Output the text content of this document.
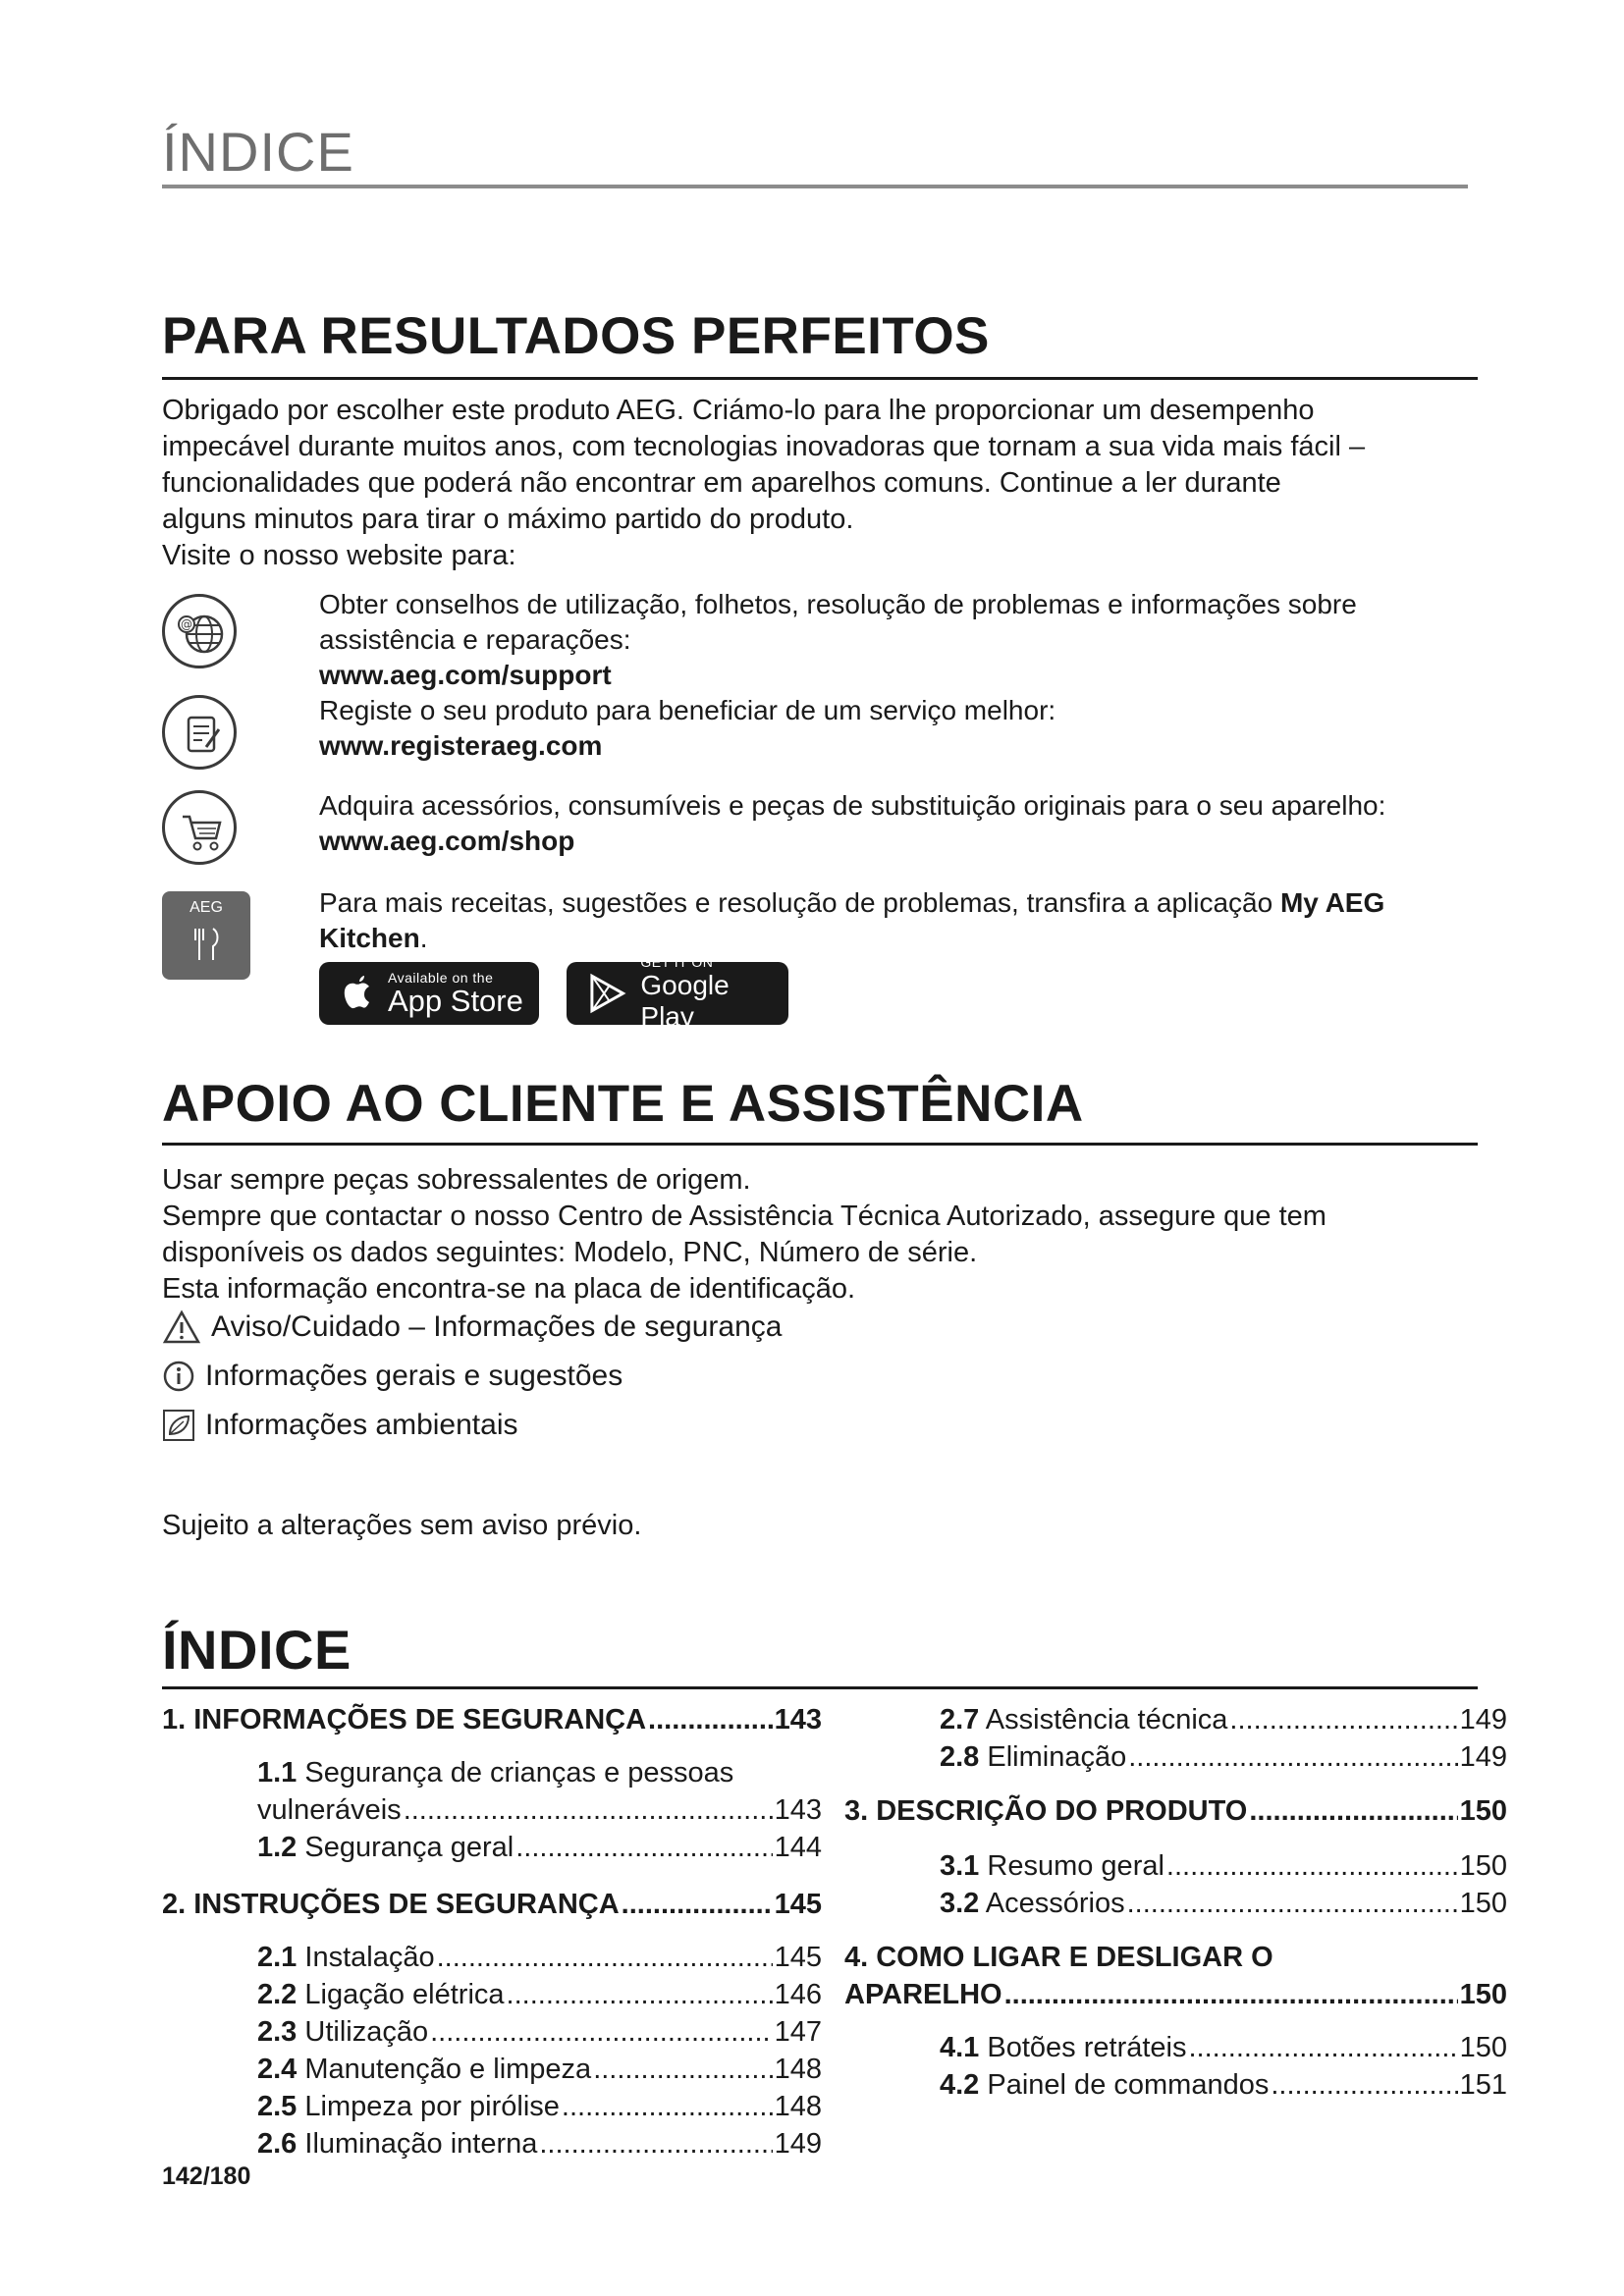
ÍNDICE
PARA RESULTADOS PERFEITOS

Obrigado por escolher este produto AEG. Criámo-lo para lhe proporcionar um desempenho

impecável durante muitos anos, com tecnologias inovadoras que tornam a sua vida mais fácil –

funcionalidades que poderá não encontrar em aparelhos comuns. Continue a ler durante

alguns minutos para tirar o máximo partido do produto.

Visite o nosso website para:

@
Obter conselhos de utilização, folhetos, resolução de problemas e informações sobre
assistência e reparações:
www.aeg.com/support
Registe o seu produto para beneficiar de um serviço melhor:
www.registeraeg.com
Adquira acessórios, consumíveis e peças de substituição originais para o seu aparelho:
www.aeg.com/shop
AEG	Para mais receitas, sugestões e resolução de problemas, transfira a aplicação My AEG
Kitchen.
Available on the
App Store
GET IT ON
Google Play
APOIO AO CLIENTE E ASSISTÊNCIA

Usar sempre peças sobressalentes de origem.

Sempre que contactar o nosso Centro de Assistência Técnica Autorizado, assegure que tem

disponíveis os dados seguintes: Modelo, PNC, Número de série.

Esta informação encontra-se na placa de identificação.

Aviso/Cuidado – Informações de segurança
Informações gerais e sugestões
Informações ambientais
Sujeito a alterações sem aviso prévio.
ÍNDICE
1. INFORMAÇÕES DE SEGURANÇA .....	143
1.1 Segurança de crianças e pessoas
vulneráveis .....	143
1.2 Segurança geral .....	144
2. INSTRUÇÕES DE SEGURANÇA .....	145
2.1 Instalação .....	145
2.2 Ligação elétrica .....	146
2.3 Utilização .....	147
2.4 Manutenção e limpeza .....	148
2.5 Limpeza por pirólise .....	148
2.6 Iluminação interna .....	149
2.7 Assistência técnica .....	149
2.8 Eliminação .....	149
3. DESCRIÇÃO DO PRODUTO .....	150
3.1 Resumo geral .....	150
3.2 Acessórios .....	150
4. COMO LIGAR E DESLIGAR O
APARELHO .....	150
4.1 Botões retráteis .....	150
4.2 Painel de commandos .....	151
142/180
